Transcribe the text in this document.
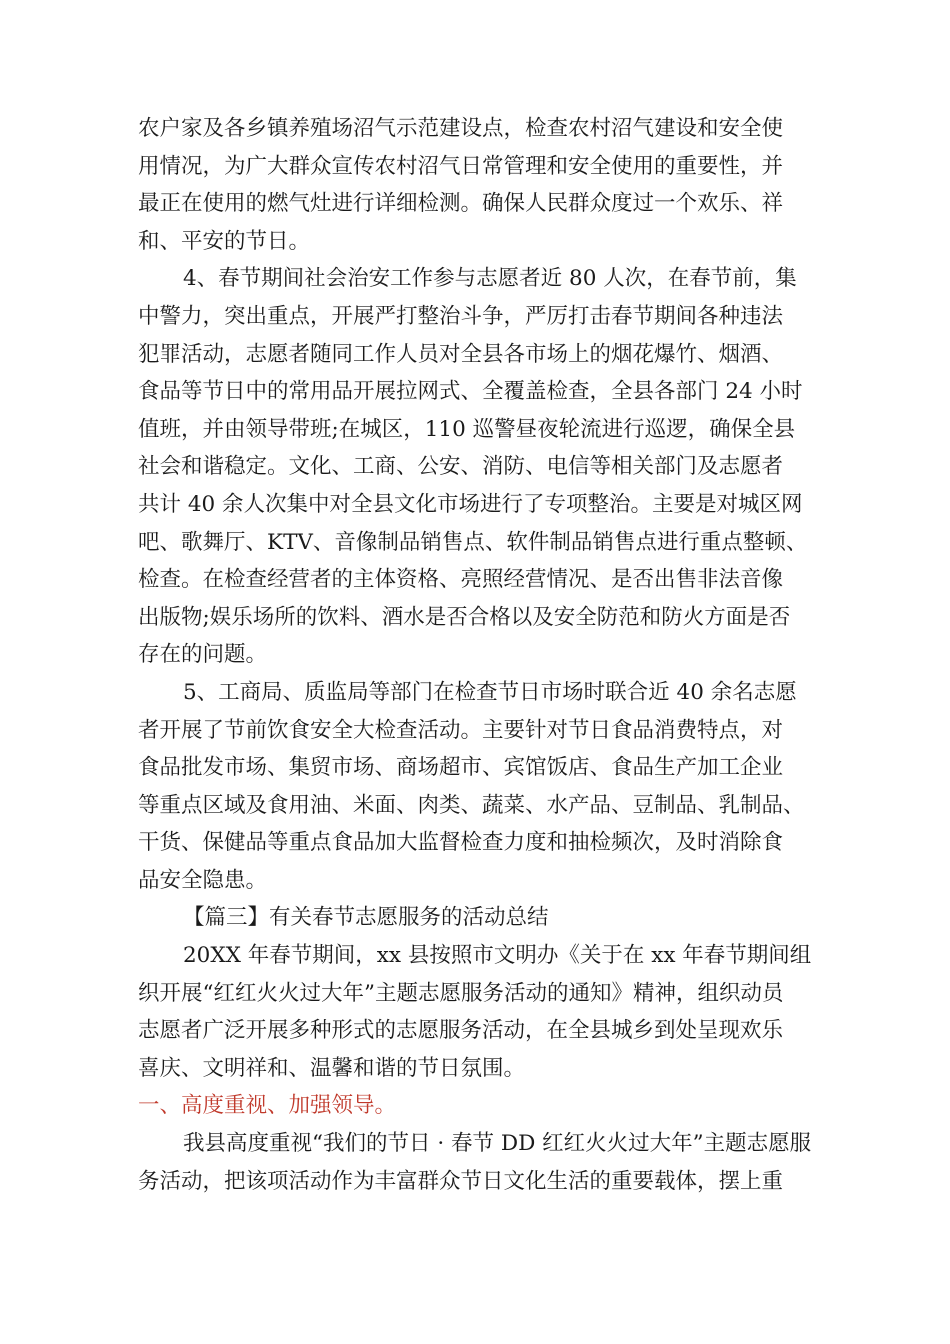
农户家及各乡镇养殖场沼气示范建设点，检查农村沼气建设和安全使
用情况，为广大群众宣传农村沼气日常管理和安全使用的重要性，并
最正在使用的燃气灶进行详细检测。确保人民群众度过一个欢乐、祥
和、平安的节日。
4、春节期间社会治安工作参与志愿者近 80 人次，在春节前，集
中警力，突出重点，开展严打整治斗争，严厉打击春节期间各种违法
犯罪活动，志愿者随同工作人员对全县各市场上的烟花爆竹、烟酒、
食品等节日中的常用品开展拉网式、全覆盖检查，全县各部门 24 小时
值班，并由领导带班;在城区，110 巡警昼夜轮流进行巡逻，确保全县
社会和谐稳定。文化、工商、公安、消防、电信等相关部门及志愿者
共计 40 余人次集中对全县文化市场进行了专项整治。主要是对城区网
吧、歌舞厅、KTV、音像制品销售点、软件制品销售点进行重点整顿、
检查。在检查经营者的主体资格、亮照经营情况、是否出售非法音像
出版物;娱乐场所的饮料、酒水是否合格以及安全防范和防火方面是否
存在的问题。
5、工商局、质监局等部门在检查节日市场时联合近 40 余名志愿
者开展了节前饮食安全大检查活动。主要针对节日食品消费特点，对
食品批发市场、集贸市场、商场超市、宾馆饭店、食品生产加工企业
等重点区域及食用油、米面、肉类、蔬菜、水产品、豆制品、乳制品、
干货、保健品等重点食品加大监督检查力度和抽检频次，及时消除食
品安全隐患。
【篇三】有关春节志愿服务的活动总结
20XX 年春节期间，xx 县按照市文明办《关于在 xx 年春节期间组
织开展“红红火火过大年”主题志愿服务活动的通知》精神，组织动员
志愿者广泛开展多种形式的志愿服务活动，在全县城乡到处呈现欢乐
喜庆、文明祥和、温馨和谐的节日氛围。
一、高度重视、加强领导。
我县高度重视“我们的节日 · 春节 DD 红红火火过大年”主题志愿服
务活动，把该项活动作为丰富群众节日文化生活的重要载体，摆上重
